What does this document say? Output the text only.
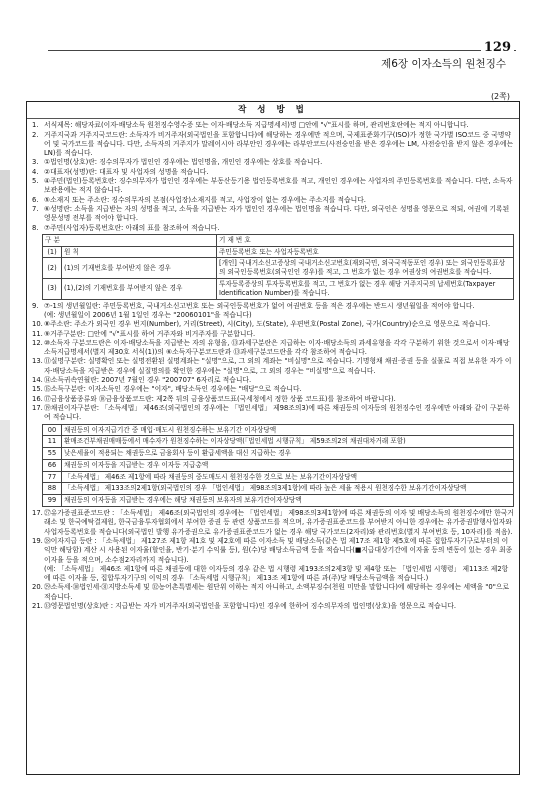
129
제6장 이자소득의 원천징수
(2쪽)
작 성 방 법
1. 서식제목: 해당자료(이자·배당소득 원천징수영수증 또는 이자·배당소득 지급명세서)명 □안에 "√"표시를 하며, 관리번호란에는 적지 아니합니다.
2. 거주지국과 거주지국코드란: 소득자가 비거주자(외국법인을 포함합니다)에 해당하는 경우에만 적으며, 국제표준화기구(ISO)가 정한 국가별 ISO코드 중 국명약어 및 국가코드를 적습니다. 다만, 소득자의 거주지가 말레이시아 라부안인 경우에는 라부안코드(사전승인을 받은 경우에는 LM, 사전승인을 받지 않은 경우에는 LN)를 적습니다.
3. ①법인명(상호)란: 징수의무자가 법인인 경우에는 법인명을, 개인인 경우에는 상호를 적습니다.
4. ②대표자(성명)란: 대표자 및 사업자의 성명을 적습니다.
5. ④주민(법인)등록번호란: 징수의무자가 법인인 경우에는 부동산등기용 법인등록번호를 적고, 개인인 경우에는 사업자의 주민등록번호를 적습니다. 다만, 소득자보관용에는 적지 않습니다.
6. ⑤소재지 또는 주소란: 징수의무자의 본점(사업장)소재지를 적고, 사업장이 없는 경우에는 주소지를 적습니다.
7. ⑥성명란: 소득을 지급받는 자의 성명을 적고, 소득을 지급받는 자가 법인인 경우에는 법인명을 적습니다. 다만, 외국인은 성명을 영문으로 적되, 여권에 기록된 영문성명 전부를 적어야 합니다.
8. ⑦주민(사업자)등록번호란: 아래의 표를 참조하여 적습니다.
구 분		기 재 번 호
(1)	원 칙	주민등록번호 또는 사업자등록번호
(2)	(1)의 기재번호를 부여받지 않은 경우	[개인] 국내거소신고증상의 국내거소신고번호(재외국민, 외국국적동포인 경우) 또는 외국인등록표상의 외국인등록번호(외국인인 경우)를 적고, 그 번호가 없는 경우 여권상의 여권번호를 적습니다.
(3)	(1),(2)의 기재번호를 부여받지 않은 경우	투자등록증상의 투자등록번호를 적고, 그 번호가 없는 경우 해당 거주지국의 납세번호(Taxpayer Identification Number)를 적습니다.
9. ⑦-1의 생년월일란: 주민등록번호, 국내거소신고번호 또는 외국인등록번호가 없어 여권번호 등을 적은 경우에는 반드시 생년월일을 적어야 합니다.
(예: 생년월일이 2006년 1월 1일인 경우는 "20060101"을 적습니다)
10. ⑧주소란: 주소가 외국인 경우 번지(Number), 거리(Street), 시(City), 도(State), 우편번호(Postal Zone), 국가(Country)순으로 영문으로 적습니다.
11. ⑨거주구분란: □안에 "√"표시를 하여 거주자와 비거주자를 구분합니다.
12. ⑩소득자 구분코드란은 이자·배당소득을 지급받는 자의 유형을, ⑬과세구분란은 지급하는 이자·배당소득의 과세유형을 각각 구분하기 위한 것으로서 이자·배당소득지급명세서(별지 제30호 서식(1))의 ⑥소득자구분코드란과 ⑬과세구분코드란을 각각 참조하여 적습니다.
13. ⑪실명구분란: 실명확인 또는 실명전환된 실명계좌는 "실명"으로, 그 외의 계좌는 "비실명"으로 적습니다. 기명형채 채권·증권 등을 실물로 직접 보유한 자가 이자·배당소득을 지급받은 경우에 실질명의를 확인한 경우에는 "실명"으로, 그 외의 경우는 "비실명"으로 적습니다.
14. ⑭소득귀속연월란: 2007년 7월인 경우 "200707" 6자리로 적습니다.
15. ⑮소득구분란: 이자소득인 경우에는 "이자", 배당소득인 경우에는 "배당"으로 적습니다.
16. ⑰금융상품종류와 ⑱금융상품코드란: 제2쪽 뒤의 금융상품코드표(국세청에서 정한 상품 코드표)를 참조하여 바랍니다).
17. ⑲채권이자구분란: 「소득세법」 제46조(외국법인의 경우에는 「법인세법」 제98조의3)에 따른 채권등의 이자등의 원천징수인 경우에만 아래와 같이 구분하여 적습니다.
00	채권등의 이자지급기간 중 매입·매도시 원천징수하는 보유기간 이자상당액
11	환매조건부채권매매등에서 매수자가 원천징수하는 이자상당액(「법인세법 시행규칙」 제59조의2의 채권대차거래 포함)
55	낮은세율이 적용되는 채권등으로 금융회사 등이 환급세액을 대신 지급하는 경우
66	채권등의 이자등을 지급받는 경우 이자등 지급총액
77	「소득세법」 제46조 제1항에 따라 채권등의 중도매도시 원천징수한 것으로 보는 보유기간이자상당액
88	「소득세법」 제133조의2제1항(외국법인의 경우 「법인세법」 제98조의3제1항)에 따라 높은 세율 적용시 원천징수한 보유기간이자상당액
99	채권등의 이자등을 지급받는 경우에는 해당 채권등의 보유자의 보유기간이자상당액
17. ㉗유가증권표준코드란 : 「소득세법」 제46조(외국법인의 경우에는 「법인세법」 제98조의3제1항)에 따른 채권등의 이자 및 배당소득의 원천징수에만 한국거래소 및 한국예탁결제원, 한국금융투자협회에서 부여한 증권 등 관련 상품코드를 적으며, 유가증권표준코드를 부여받지 아니한 경우에는 유가증권발행사업자와 사업자등록번호를 적습니다(외국법인 발행 유가증권으로 유가증권표준코드가 없는 경우 해당 국가코드(2자리)와 관리번호(별지 부여번호 등, 10자리)를 적음).
19. ㉘이자지급 등란 : 「소득세법」 제127조 제1항 제1호 및 제2호에 따른 이자소득 및 배당소득(같은 법 제17조 제1항 제5호에 따른 집합투자기구로부터의 이익만 해당함) 계산 시 사용된 이자율(할인율, 반기·분기 수익률 등), 원(수)당 배당소득금액 등을 적습니다(■지급대상기간에 이자율 등의 변동이 있는 경우 최종 이자율 등을 적으며, 소수점2자리까지 적습니다).
(예: 「소득세법」 제46조 제1항에 따른 채권등에 대한 이자등의 경우 같은 법 시행령 제193조의2제3항 및 제4항 또는 「법인세법 시행령」 제113조 제2항에 따른 이자율 등, 집합투자기구의 이익의 경우 「소득세법 시행규칙」 제13조 제1항에 따른 과(주)당 배당소득금액을 적습니다.)
20. ㉙소득세·㉚법인세·㉛지방소득세 및 ㉜농어촌특별세는 원단위 이하는 적지 아니하고, 소액부징수(천원 미만을 말합니다)에 해당하는 경우에는 세액을 "0"으로 적습니다.
21. ㉝영문법인명(상호)란 : 지급받는 자가 비거주자(외국법인을 포함합니다)인 경우에 한하여 징수의무자의 법인명(상호)을 영문으로 적습니다.
